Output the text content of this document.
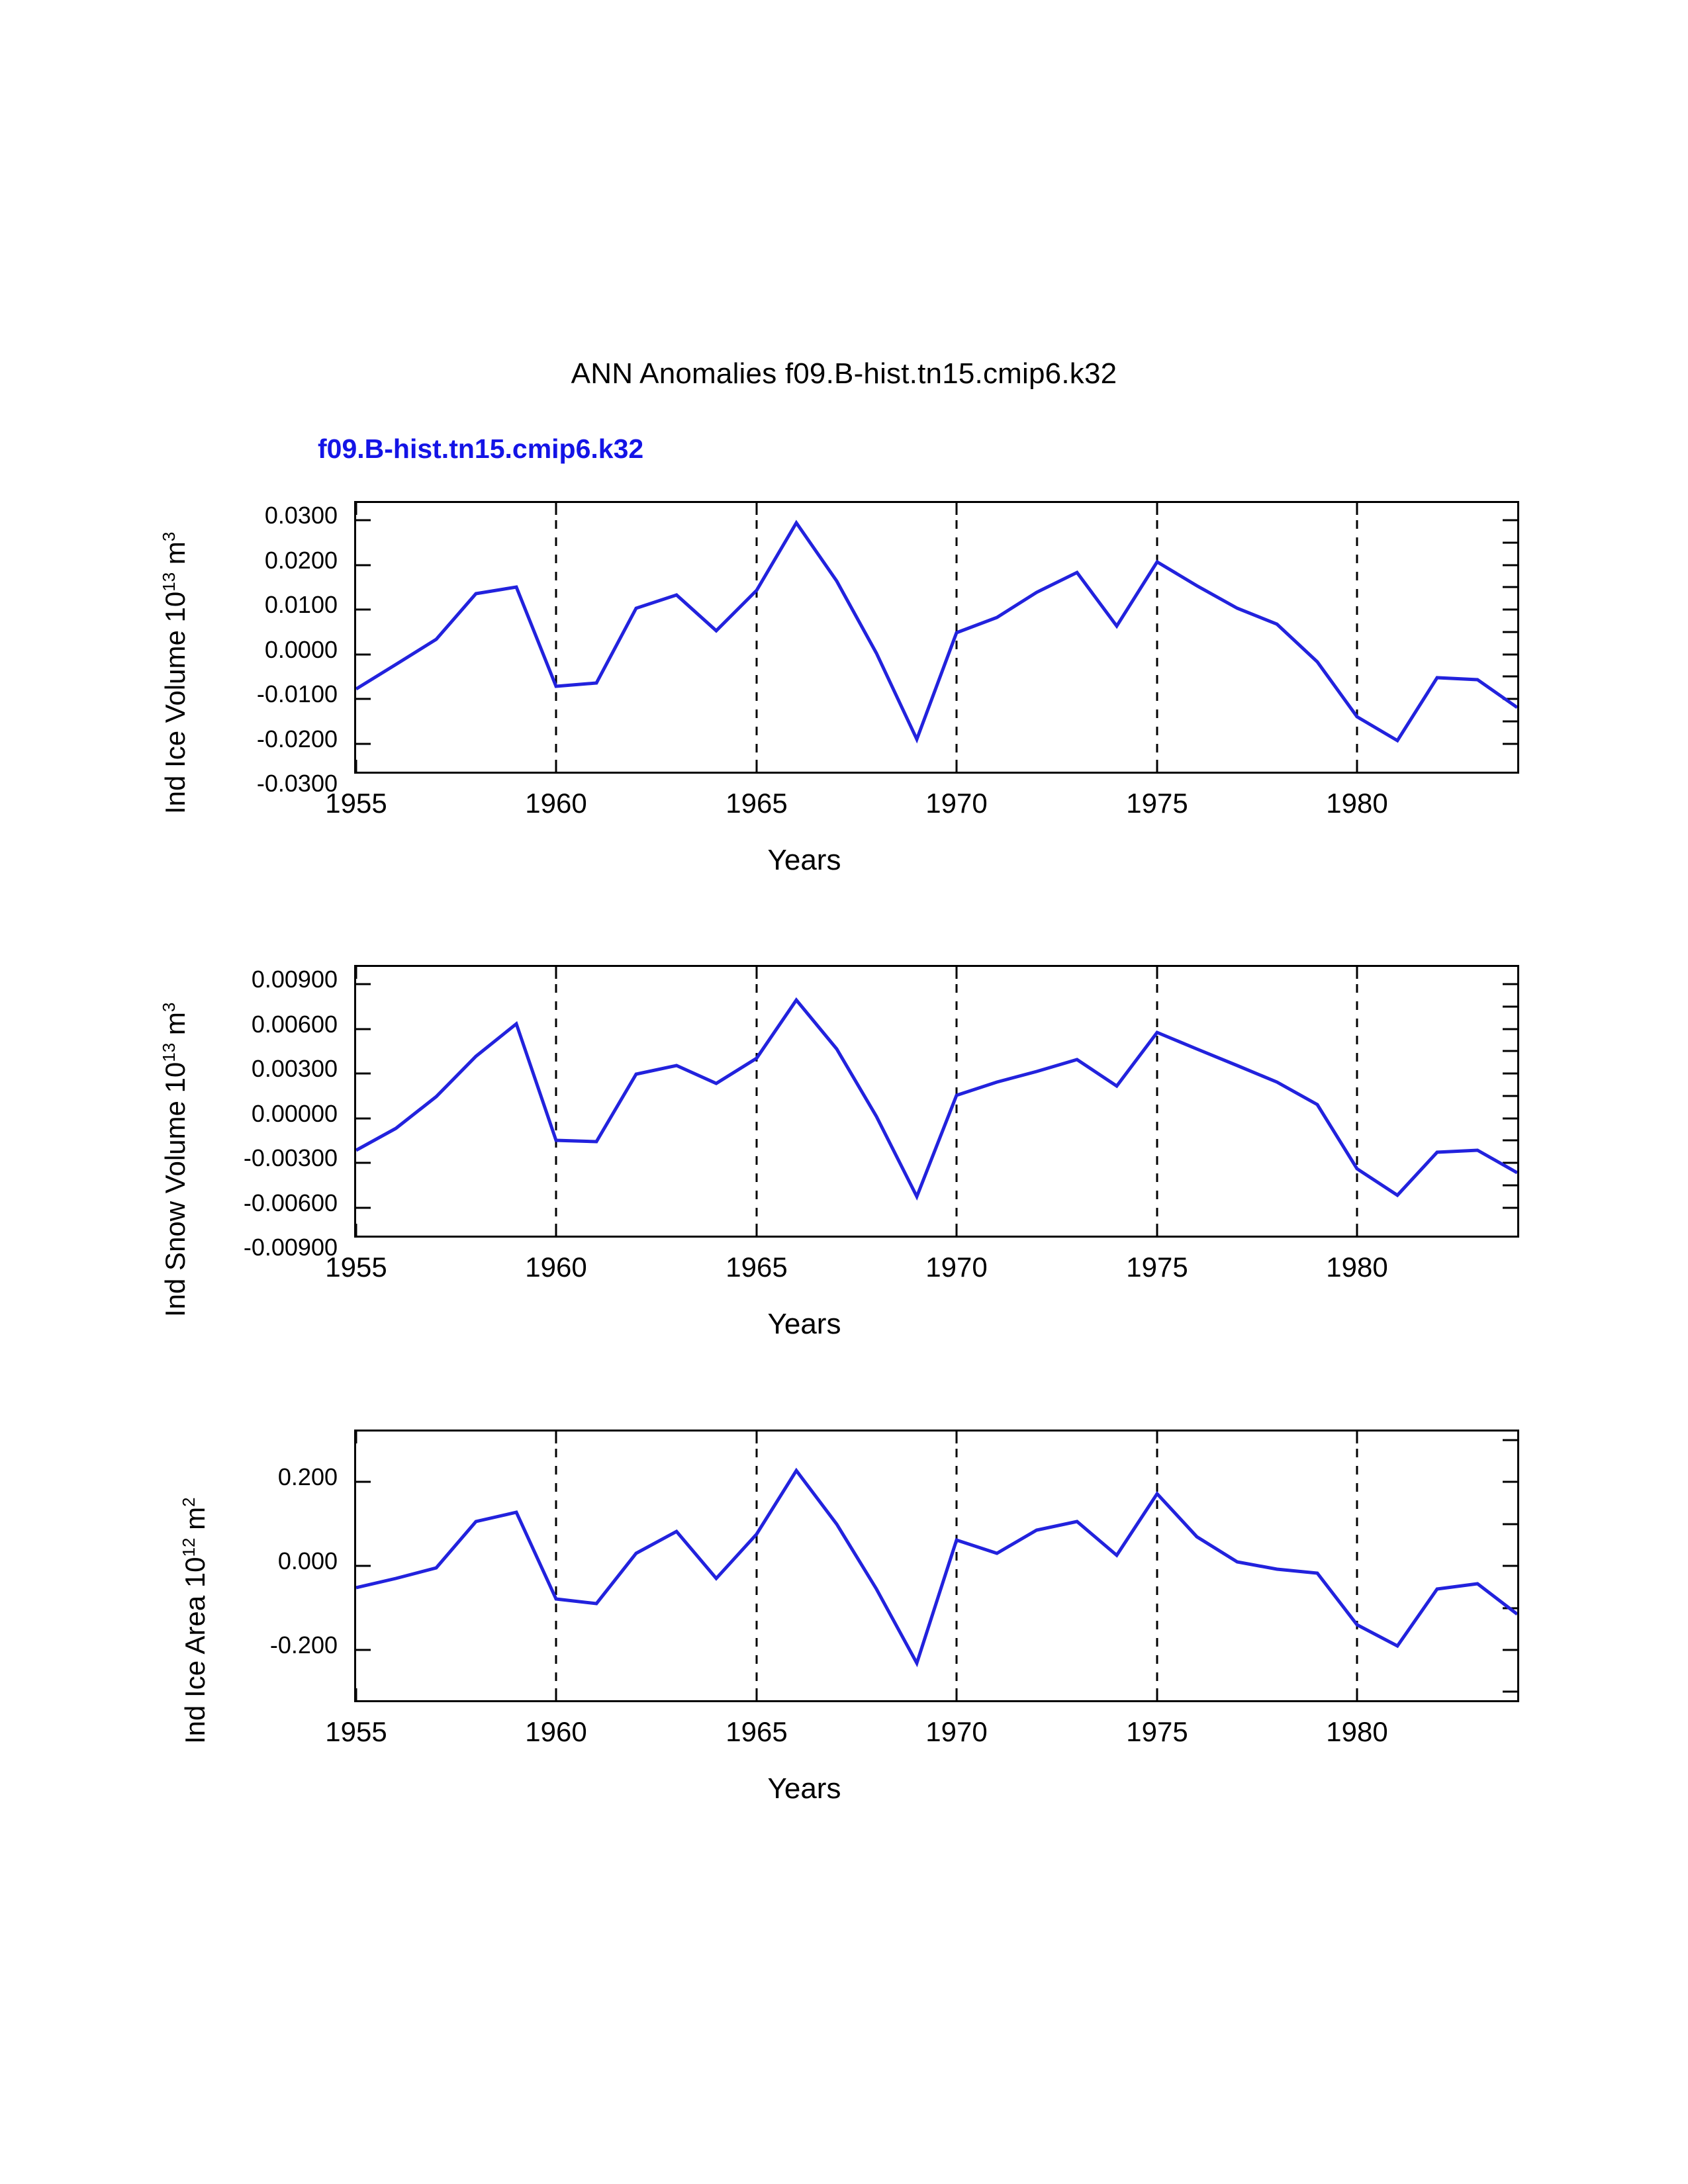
ANN Anomalies f09.B-hist.tn15.cmip6.k32
f09.B-hist.tn15.cmip6.k32
Ind Ice Volume $10^{13}$ $m^3$
0.0300
0.0200
0.0100
0.0000
-0.0100
-0.0200
-0.0300
1955	1960	1965	1970	1975	1980
Years
Ind Snow Volume $10^{13}$ $m^3$
0.00900
0.00600
0.00300
0.00000
-0.00300
-0.00600
-0.00900
1955	1960	1965	1970	1975	1980
Years
Ind Ice Area $10^{12}$ $m^2$
0.200
0.000
-0.200
1955	1960	1965	1970	1975	1980
Years
